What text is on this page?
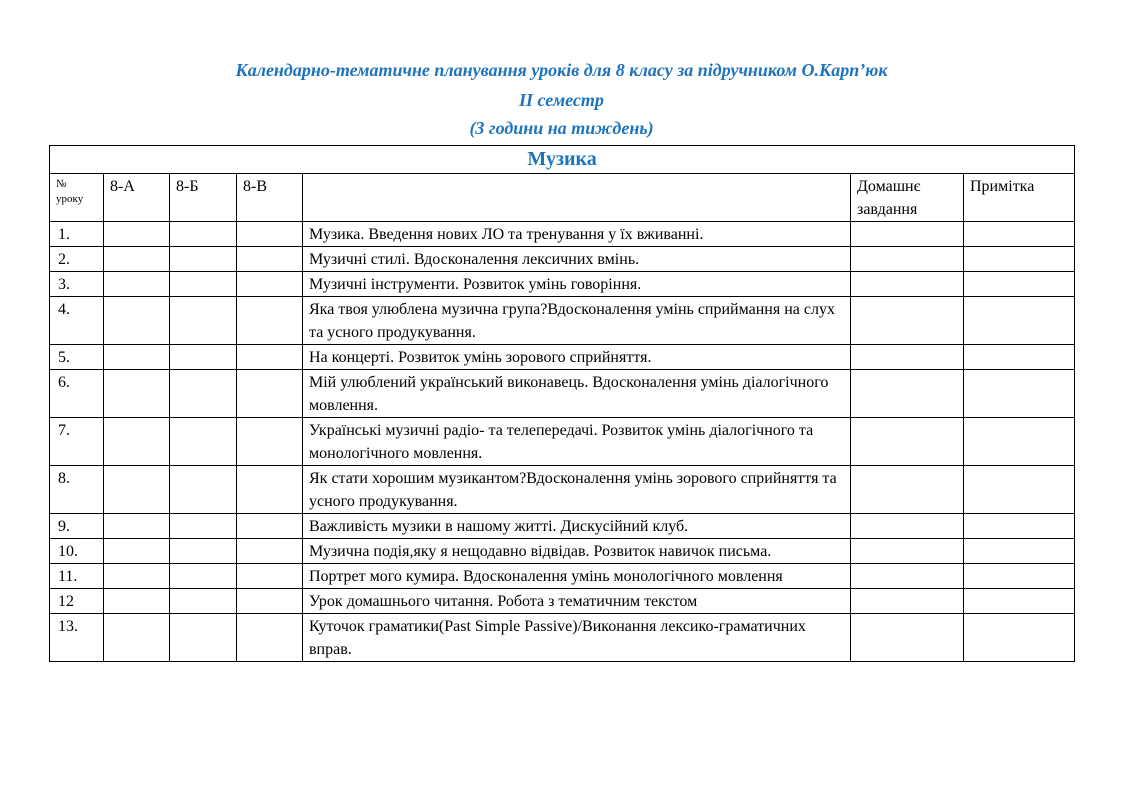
Календарно-тематичне планування уроків для 8 класу за підручником О.Карп’юк
ІІ семестр
(3 години на тиждень)
Музика						
№
уроку	8-А	8-Б	8-В		Домашнє завдання	Примітка
1.				Музика. Введення нових ЛО та тренування у їх вживанні.		
2.				Музичні стилі. Вдосконалення лексичних вмінь.		
3.				Музичні інструменти. Розвиток умінь говоріння.		
4.				Яка твоя улюблена музична група?Вдосконалення умінь сприймання на слух та усного продукування.		
5.				На концерті. Розвиток умінь зорового сприйняття.		
6.				Мій улюблений український виконавець. Вдосконалення умінь діалогічного мовлення.		
7.				Українські музичні радіо- та телепередачі. Розвиток умінь діалогічного та монологічного мовлення.		
8.				Як стати хорошим музикантом?Вдосконалення умінь зорового сприйняття та усного продукування.		
9.				Важливість музики в нашому житті. Дискусійний клуб.		
10.				Музична подія,яку я нещодавно відвідав. Розвиток навичок письма.		
11.				Портрет мого кумира. Вдосконалення умінь монологічного мовлення		
12				Урок домашнього читання. Робота з тематичним текстом		
13.				Куточок граматики(Past Simple Passive)/Виконання лексико-граматичних вправ.		
